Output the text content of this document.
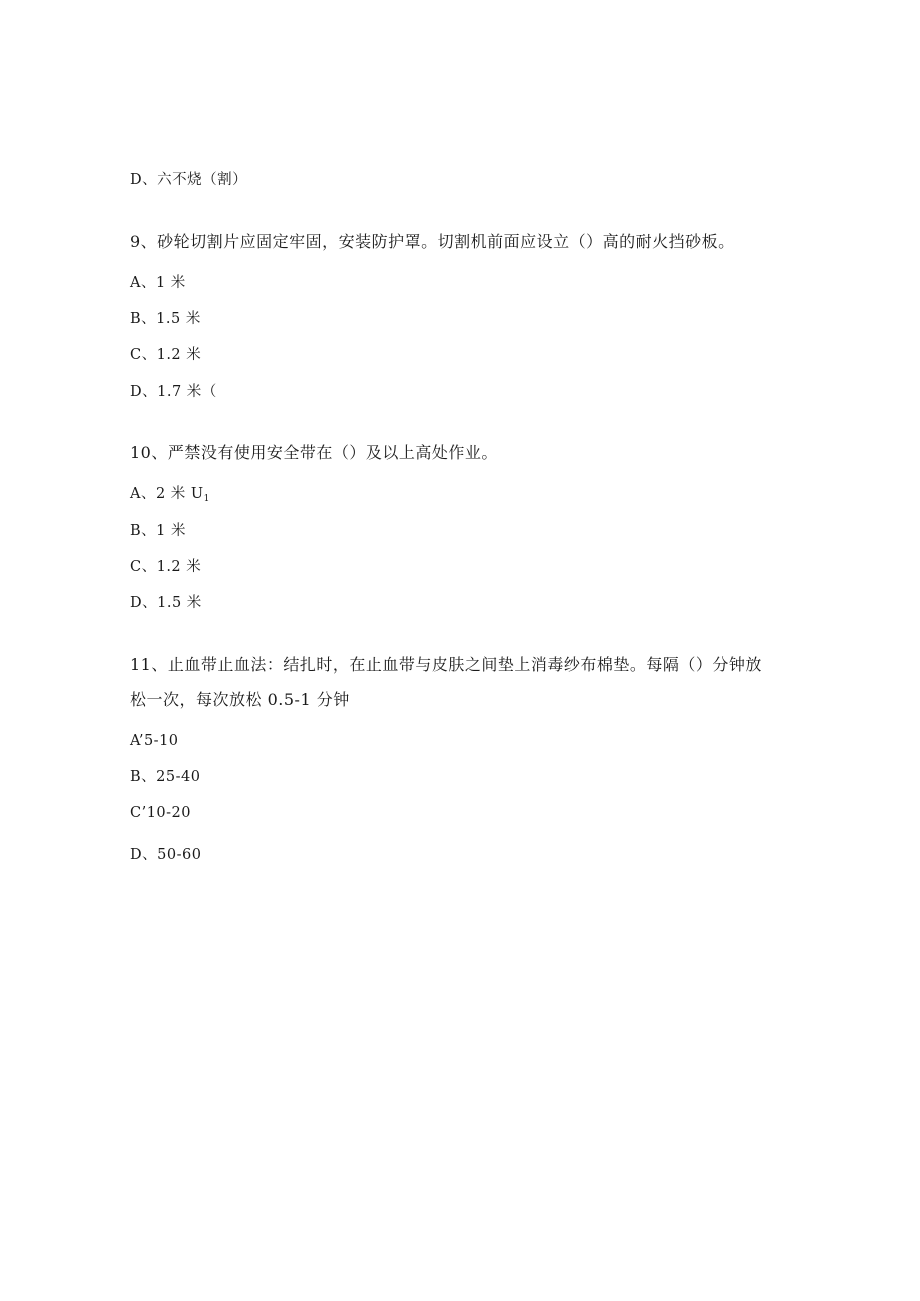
D、六不烧（割）

9、砂轮切割片应固定牢固，安装防护罩。切割机前面应设立（）高的耐火挡砂板。

A、1 米

B、1.5 米

C、1.2 米

D、1.7 米（

10、严禁没有使用安全带在（）及以上高处作业。

A、2 米 $U_1$

B、1 米

C、1.2 米

D、1.5 米

11、止血带止血法：结扎时，在止血带与皮肤之间垫上消毒纱布棉垫。每隔（）分钟放

松一次，每次放松 0.5-1 分钟

A’5-10

B、25-40

C’10-20

D、50-60
